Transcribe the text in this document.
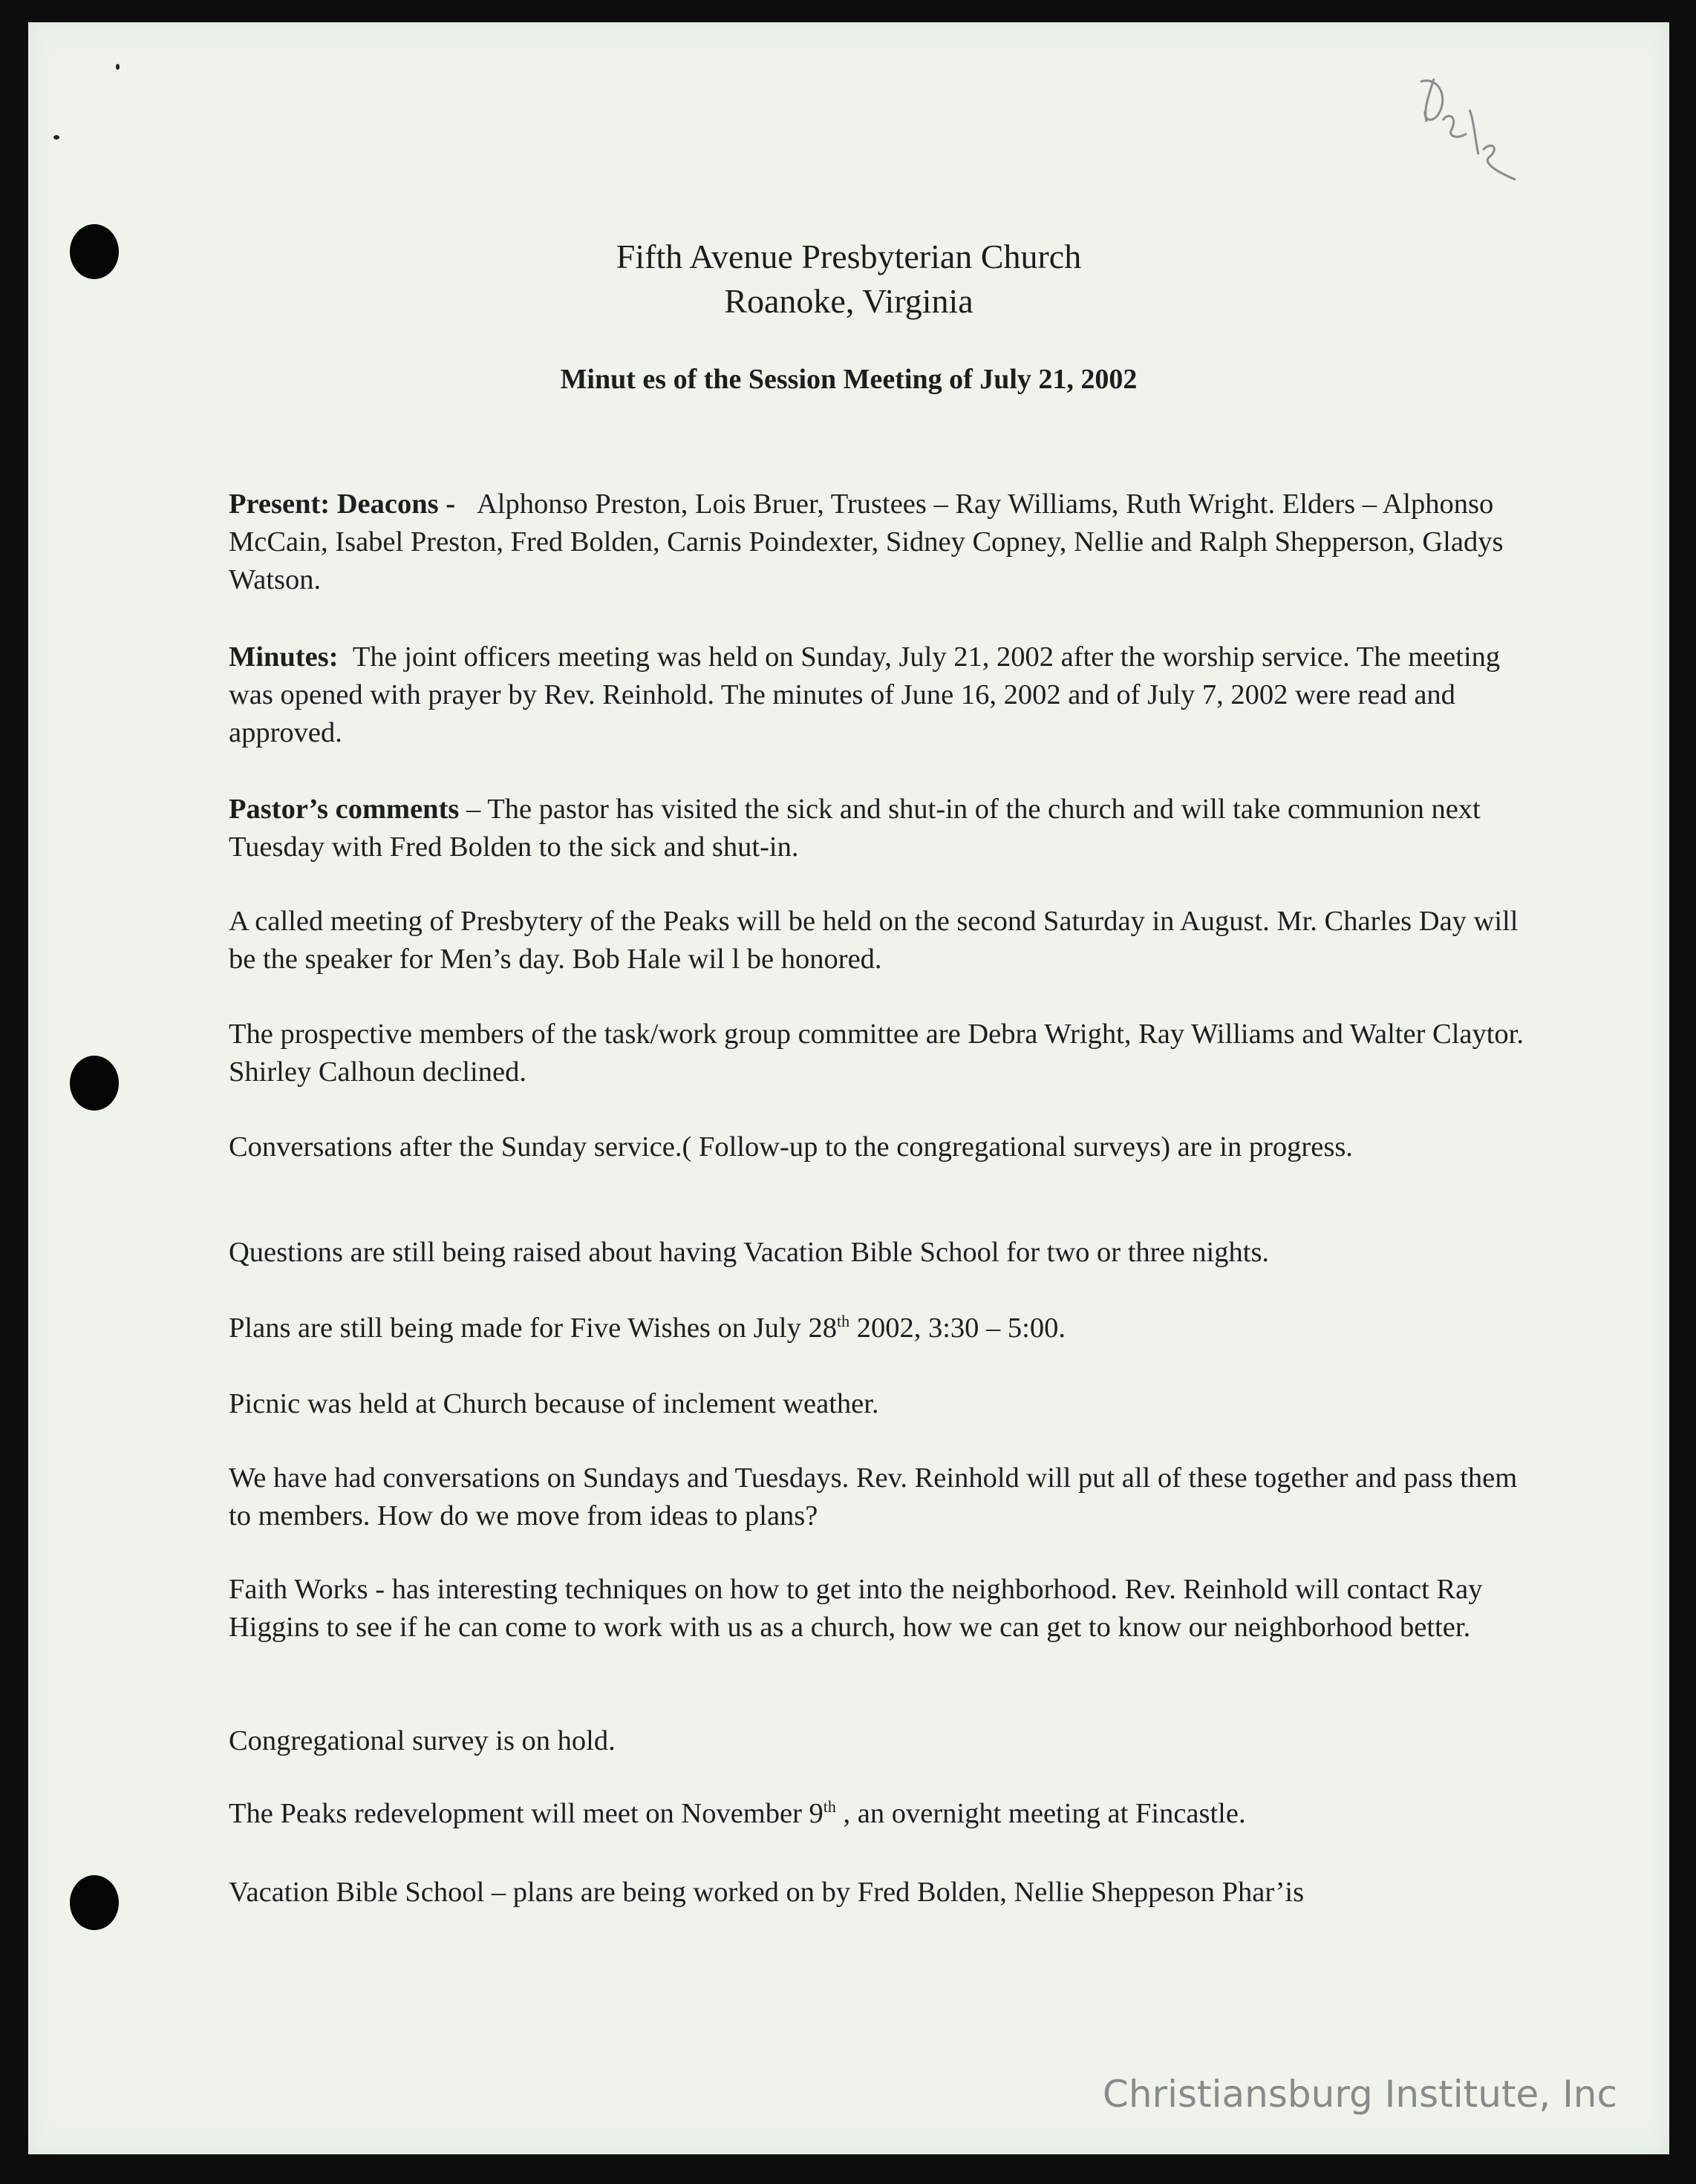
Fifth Avenue Presbyterian Church
Roanoke, Virginia
Minut es of the Session Meeting of July 21, 2002

Present: Deacons - Alphonso Preston, Lois Bruer, Trustees – Ray Williams, Ruth Wright. Elders – Alphonso McCain, Isabel Preston, Fred Bolden, Carnis Poindexter, Sidney Copney, Nellie and Ralph Shepperson, Gladys Watson.

Minutes: The joint officers meeting was held on Sunday, July 21, 2002 after the worship service. The meeting was opened with prayer by Rev. Reinhold. The minutes of June 16, 2002 and of July 7, 2002 were read and approved.

Pastor’s comments – The pastor has visited the sick and shut-in of the church and will take communion next Tuesday with Fred Bolden to the sick and shut-in.

A called meeting of Presbytery of the Peaks will be held on the second Saturday in August. Mr. Charles Day will be the speaker for Men’s day. Bob Hale wil l be honored.

The prospective members of the task/work group committee are Debra Wright, Ray Williams and Walter Claytor. Shirley Calhoun declined.

Conversations after the Sunday service.( Follow-up to the congregational surveys) are in progress.

Questions are still being raised about having Vacation Bible School for two or three nights.

Plans are still being made for Five Wishes on July 28th 2002, 3:30 – 5:00.

Picnic was held at Church because of inclement weather.

We have had conversations on Sundays and Tuesdays. Rev. Reinhold will put all of these together and pass them to members. How do we move from ideas to plans?

Faith Works - has interesting techniques on how to get into the neighborhood. Rev. Reinhold will contact Ray Higgins to see if he can come to work with us as a church, how we can get to know our neighborhood better.

Congregational survey is on hold.

The Peaks redevelopment will meet on November 9th , an overnight meeting at Fincastle.

Vacation Bible School – plans are being worked on by Fred Bolden, Nellie Sheppeson Phar’is

Christiansburg Institute, Inc
